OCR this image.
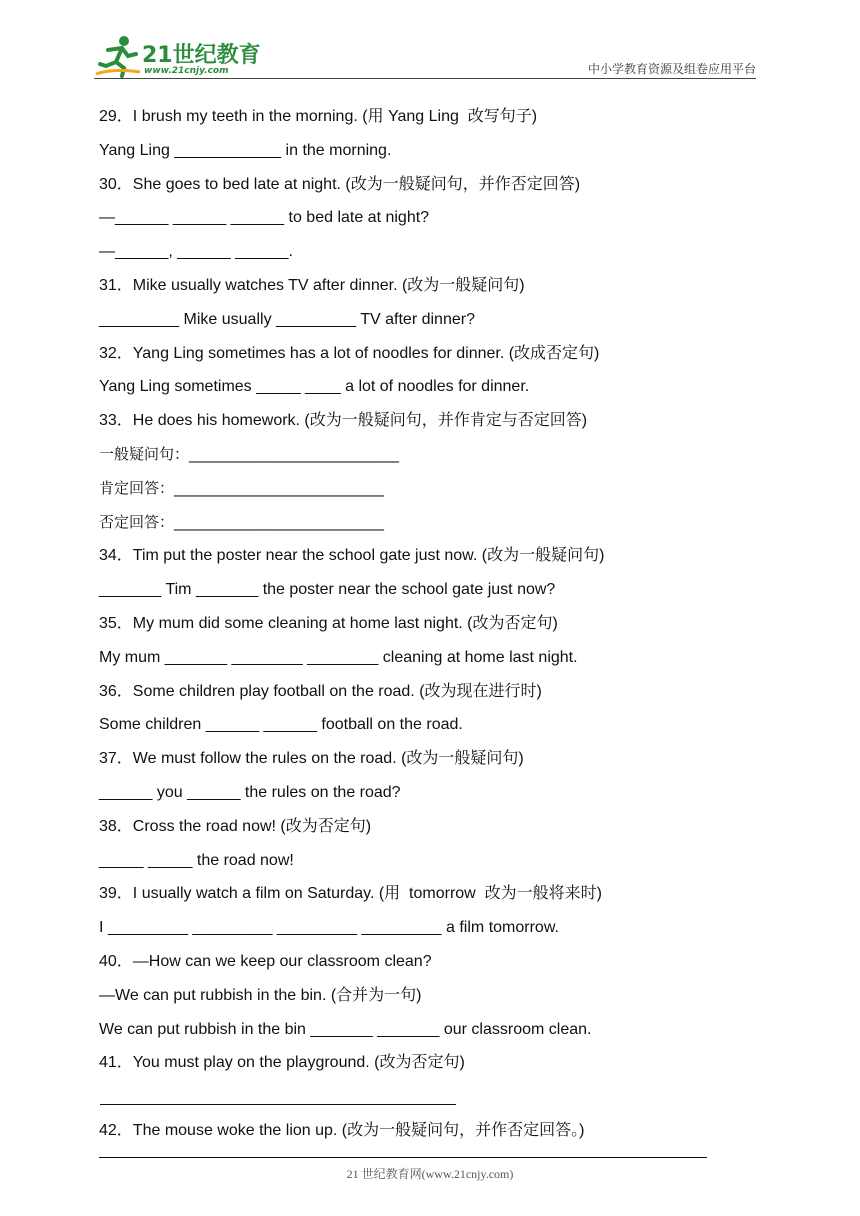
21世纪教育
www.21cnjy.com	中小学教育资源及组卷应用平台
29．I brush my teeth in the morning. (用 Yang Ling  改写句子)
Yang Ling ____________ in the morning.
30．She goes to bed late at night. (改为一般疑问句，并作否定回答)
—______ ______ ______ to bed late at night?
—______, ______ ______.
31．Mike usually watches TV after dinner. (改为一般疑问句)
_________ Mike usually _________ TV after dinner?
32．Yang Ling sometimes has a lot of noodles for dinner. (改成否定句)
Yang Ling sometimes _____ ____ a lot of noodles for dinner.
33．He does his homework. (改为一般疑问句，并作肯定与否定回答)
一般疑问句：____________________________
肯定回答：____________________________
否定回答：____________________________
34．Tim put the poster near the school gate just now. (改为一般疑问句)
_______ Tim _______ the poster near the school gate just now?
35．My mum did some cleaning at home last night. (改为否定句)
My mum _______ ________ ________ cleaning at home last night.
36．Some children play football on the road. (改为现在进行时)
Some children ______ ______ football on the road.
37．We must follow the rules on the road. (改为一般疑问句)
______ you ______ the rules on the road?
38．Cross the road now! (改为否定句)
_____ _____ the road now!
39．I usually watch a film on Saturday. (用  tomorrow  改为一般将来时)
I _________ _________ _________ _________ a film tomorrow.
40．—How can we keep our classroom clean?
—We can put rubbish in the bin. (合并为一句)
We can put rubbish in the bin _______ _______ our classroom clean.
41．You must play on the playground. (改为否定句)
42．The mouse woke the lion up. (改为一般疑问句，并作否定回答。)
21 世纪教育网(www.21cnjy.com)
